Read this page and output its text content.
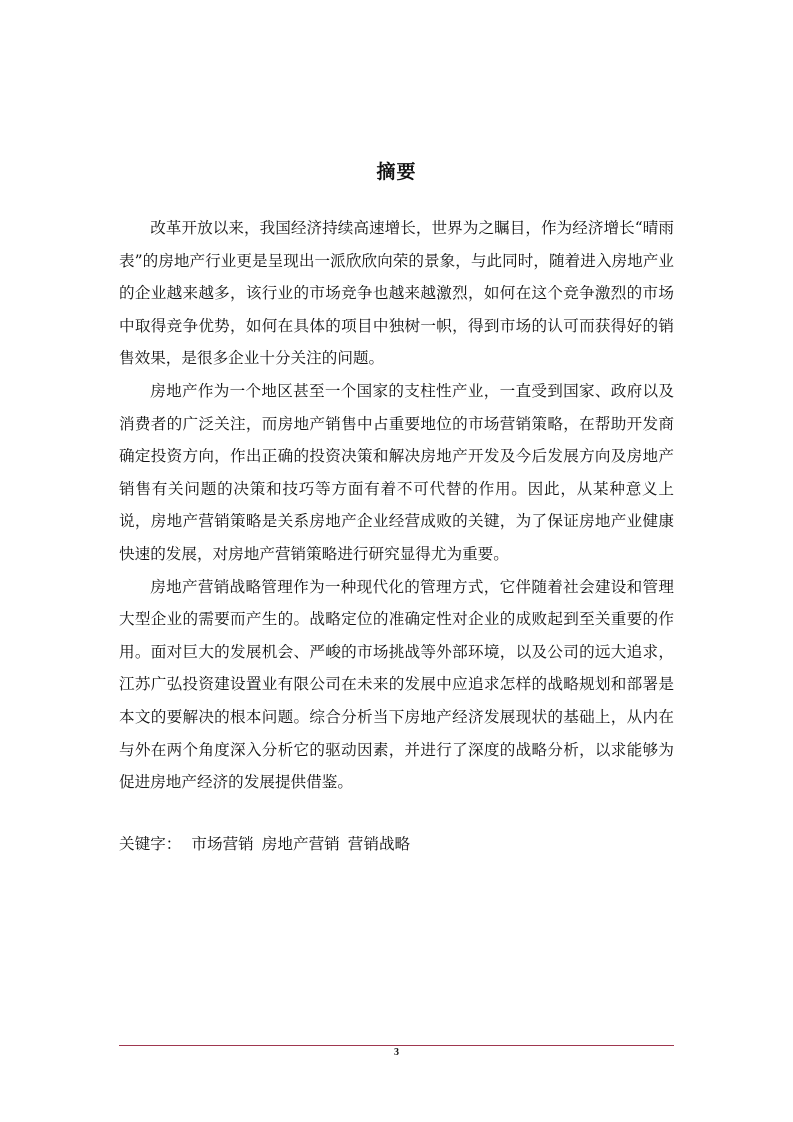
摘要

改革开放以来，我国经济持续高速增长，世界为之瞩目，作为经济增长“晴雨表”的房地产行业更是呈现出一派欣欣向荣的景象，与此同时，随着进入房地产业的企业越来越多，该行业的市场竞争也越来越激烈，如何在这个竞争激烈的市场中取得竞争优势，如何在具体的项目中独树一帜，得到市场的认可而获得好的销售效果，是很多企业十分关注的问题。

房地产作为一个地区甚至一个国家的支柱性产业，一直受到国家、政府以及消费者的广泛关注，而房地产销售中占重要地位的市场营销策略，在帮助开发商确定投资方向，作出正确的投资决策和解决房地产开发及今后发展方向及房地产销售有关问题的决策和技巧等方面有着不可代替的作用。因此，从某种意义上说，房地产营销策略是关系房地产企业经营成败的关键，为了保证房地产业健康快速的发展，对房地产营销策略进行研究显得尤为重要。

房地产营销战略管理作为一种现代化的管理方式，它伴随着社会建设和管理大型企业的需要而产生的。战略定位的准确定性对企业的成败起到至关重要的作用。面对巨大的发展机会、严峻的市场挑战等外部环境，以及公司的远大追求，江苏广弘投资建设置业有限公司在未来的发展中应追求怎样的战略规划和部署是本文的要解决的根本问题。综合分析当下房地产经济发展现状的基础上，从内在与外在两个角度深入分析它的驱动因素，并进行了深度的战略分析，以求能够为促进房地产经济的发展提供借鉴。

关键字： 市场营销 房地产营销 营销战略
3
